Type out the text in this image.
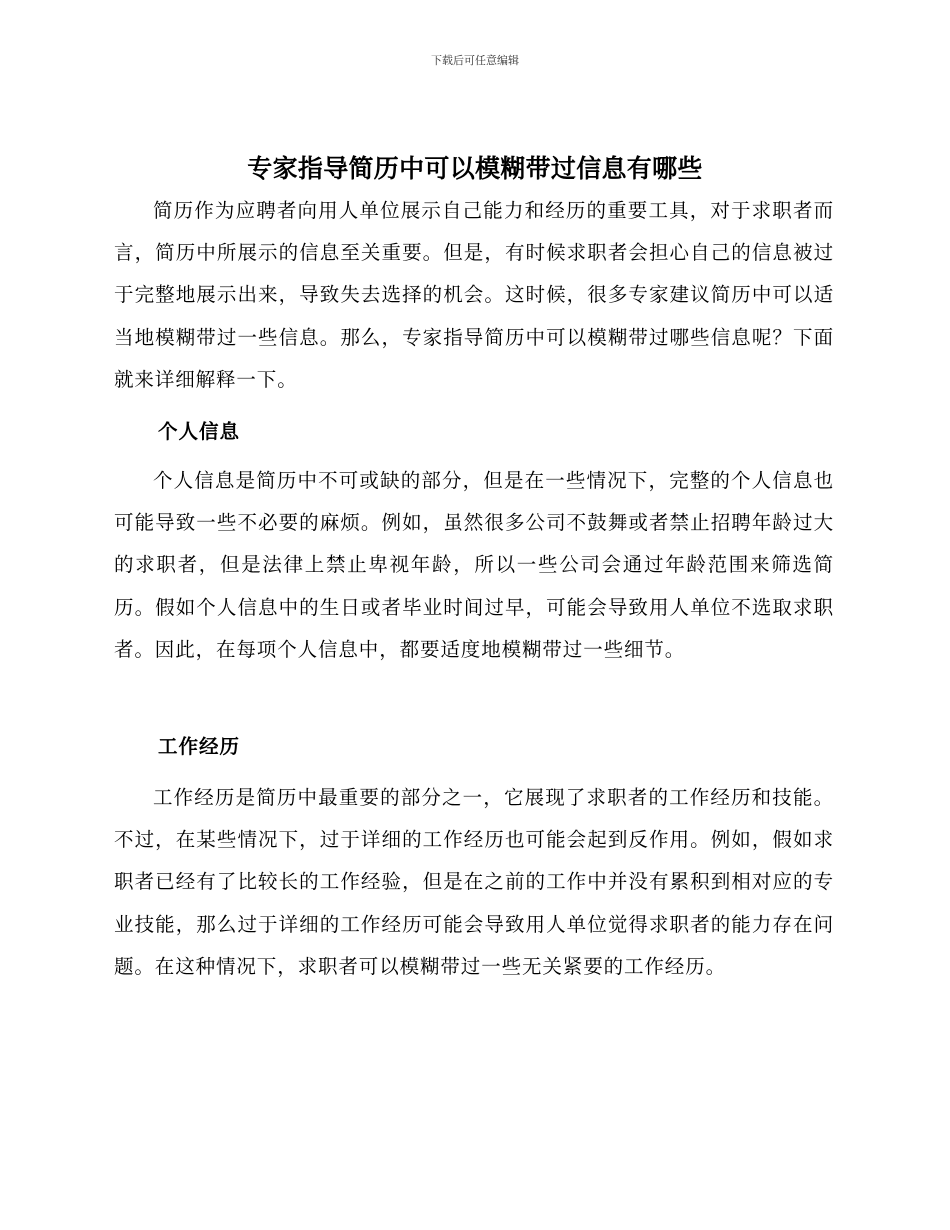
下载后可任意编辑
专家指导简历中可以模糊带过信息有哪些

简历作为应聘者向用人单位展示自己能力和经历的重要工具，对于求职者而言，简历中所展示的信息至关重要。但是，有时候求职者会担心自己的信息被过于完整地展示出来，导致失去选择的机会。这时候，很多专家建议简历中可以适当地模糊带过一些信息。那么，专家指导简历中可以模糊带过哪些信息呢？下面就来详细解释一下。

个人信息

个人信息是简历中不可或缺的部分，但是在一些情况下，完整的个人信息也可能导致一些不必要的麻烦。例如，虽然很多公司不鼓舞或者禁止招聘年龄过大的求职者，但是法律上禁止卑视年龄，所以一些公司会通过年龄范围来筛选简历。假如个人信息中的生日或者毕业时间过早，可能会导致用人单位不选取求职者。因此，在每项个人信息中，都要适度地模糊带过一些细节。

工作经历

工作经历是简历中最重要的部分之一，它展现了求职者的工作经历和技能。不过，在某些情况下，过于详细的工作经历也可能会起到反作用。例如，假如求职者已经有了比较长的工作经验，但是在之前的工作中并没有累积到相对应的专业技能，那么过于详细的工作经历可能会导致用人单位觉得求职者的能力存在问题。在这种情况下，求职者可以模糊带过一些无关紧要的工作经历。
